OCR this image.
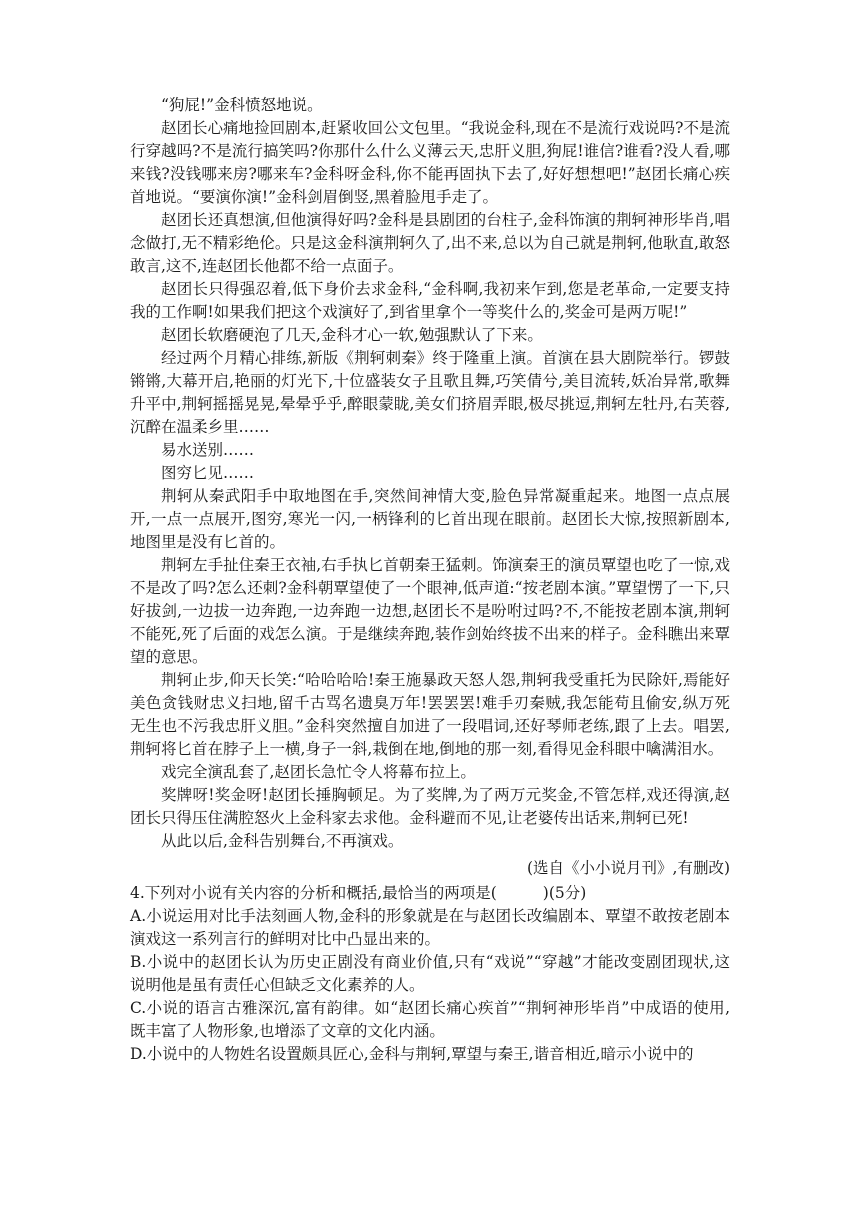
“狗屁!”金科愤怒地说。

赵团长心痛地捡回剧本,赶紧收回公文包里。“我说金科,现在不是流行戏说吗?不是流行穿越吗?不是流行搞笑吗?你那什么什么义薄云天,忠肝义胆,狗屁!谁信?谁看?没人看,哪来钱?没钱哪来房?哪来车?金科呀金科,你不能再固执下去了,好好想想吧!”赵团长痛心疾首地说。“要演你演!”金科剑眉倒竖,黑着脸甩手走了。

赵团长还真想演,但他演得好吗?金科是县剧团的台柱子,金科饰演的荆轲神形毕肖,唱念做打,无不精彩绝伦。只是这金科演荆轲久了,出不来,总以为自己就是荆轲,他耿直,敢怒敢言,这不,连赵团长他都不给一点面子。

赵团长只得强忍着,低下身价去求金科,“金科啊,我初来乍到,您是老革命,一定要支持我的工作啊!如果我们把这个戏演好了,到省里拿个一等奖什么的,奖金可是两万呢!”

赵团长软磨硬泡了几天,金科才心一软,勉强默认了下来。

经过两个月精心排练,新版《荆轲刺秦》终于隆重上演。首演在县大剧院举行。锣鼓锵锵,大幕开启,艳丽的灯光下,十位盛装女子且歌且舞,巧笑倩兮,美目流转,妖冶异常,歌舞升平中,荆轲摇摇晃晃,晕晕乎乎,醉眼蒙眬,美女们挤眉弄眼,极尽挑逗,荆轲左牡丹,右芙蓉,沉醉在温柔乡里……

易水送别……

图穷匕见……

荆轲从秦武阳手中取地图在手,突然间神情大变,脸色异常凝重起来。地图一点点展开,一点一点展开,图穷,寒光一闪,一柄锋利的匕首出现在眼前。赵团长大惊,按照新剧本,地图里是没有匕首的。

荆轲左手扯住秦王衣袖,右手执匕首朝秦王猛刺。饰演秦王的演员覃望也吃了一惊,戏不是改了吗?怎么还刺?金科朝覃望使了一个眼神,低声道:“按老剧本演。”覃望愣了一下,只好拔剑,一边拔一边奔跑,一边奔跑一边想,赵团长不是吩咐过吗?不,不能按老剧本演,荆轲不能死,死了后面的戏怎么演。于是继续奔跑,装作剑始终拔不出来的样子。金科瞧出来覃望的意思。

荆轲止步,仰天长笑:“哈哈哈哈!秦王施暴政天怒人怨,荆轲我受重托为民除奸,焉能好美色贪钱财忠义扫地,留千古骂名遗臭万年!罢罢罢!难手刃秦贼,我怎能苟且偷安,纵万死无生也不污我忠肝义胆。”金科突然擅自加进了一段唱词,还好琴师老练,跟了上去。唱罢,荆轲将匕首在脖子上一横,身子一斜,栽倒在地,倒地的那一刻,看得见金科眼中噙满泪水。

戏完全演乱套了,赵团长急忙令人将幕布拉上。

奖牌呀!奖金呀!赵团长捶胸顿足。为了奖牌,为了两万元奖金,不管怎样,戏还得演,赵团长只得压住满腔怒火上金科家去求他。金科避而不见,让老婆传出话来,荆轲已死!

从此以后,金科告别舞台,不再演戏。

(选自《小小说月刊》,有删改)

4.下列对小说有关内容的分析和概括,最恰当的两项是(	)(5分)

A.小说运用对比手法刻画人物,金科的形象就是在与赵团长改编剧本、覃望不敢按老剧本演戏这一系列言行的鲜明对比中凸显出来的。

B.小说中的赵团长认为历史正剧没有商业价值,只有“戏说”“穿越”才能改变剧团现状,这说明他是虽有责任心但缺乏文化素养的人。

C.小说的语言古雅深沉,富有韵律。如“赵团长痛心疾首”“荆轲神形毕肖”中成语的使用,既丰富了人物形象,也增添了文章的文化内涵。

D.小说中的人物姓名设置颇具匠心,金科与荆轲,覃望与秦王,谐音相近,暗示小说中的
